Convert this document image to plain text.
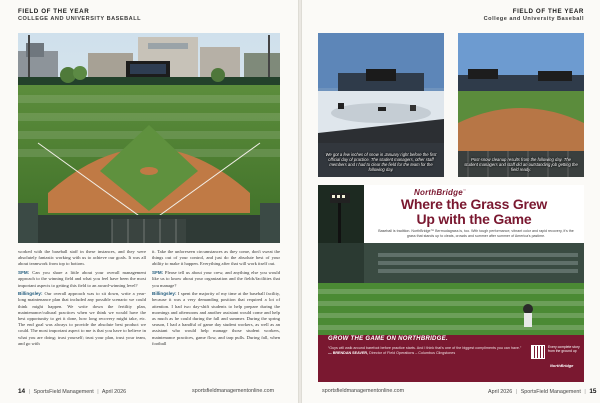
FIELD OF THE YEAR
COLLEGE AND UNIVERSITY BASEBALL

worked with the baseball staff in these instances, and they were absolutely fantastic working with us to achieve our goals. It was all about teamwork from top to bottom.

SFM: Can you share a little about your overall management approach to the winning field and what you feel have been the most important aspects to getting this field to an award-winning level?

Billingsley: Our overall approach was to sit down, write a year-long maintenance plan that included any possible scenario we could think might happen. We write down the fertility plan, maintenance/cultural practices when we think we would have the best opportunity to get it done, how long recovery might take, etc. The end goal was always to provide the absolute best product we could. The most important aspect to me is that you have to believe in what you are doing; trust yourself; trust your plan, trust your team, and go with

it. Take the unforeseen circumstances as they come, don't sweat the things out of your control, and just do the absolute best of your ability to make it happen. Everything after that will work itself out.

SFM: Please tell us about your crew, and anything else you would like us to know about your organization and the fields/facilities that you manage?

Billingsley: I spent the majority of my time at the baseball facility, because it was a very demanding position that required a lot of attention. I had two day-shift students to help prepare during the mornings and afternoons and another assistant would come and help as much as he could during the fall and summer. During the spring season, I had a handful of game day student workers, as well as an assistant who would help manage those student workers, maintenance practices, game flow, and tarp pulls. During fall, when football

14 | SportsField Management | April 2026	sportsfieldmanagementonline.com
FIELD OF THE YEAR
College and University Baseball
We got a few inches of snow in January right before the first official day of practice. The student managers, other staff members and I had to clear the field for the team for the following day.
Post-snow cleanup results from the following day. The student managers and staff did an outstanding job getting the field ready.
NorthBridge™
Where the Grass Grew
Up with the Game
Baseball is tradition. NorthBridge™ Bermudagrass is, too. With tough performance, vibrant color and rapid recovery, it's the grass that stands up to cleats, crowds and summer after summer of America's pastime.
GROW THE GAME ON NORTHBRIDGE.
“Guys will walk around barefoot before practice starts. And I think that's one of the biggest compliments you can have.”
— BRENDAN SEAVER, Director of Field Operations – Columbus Clingstones
Every complete story from the ground up
NorthBridge
sportsfieldmanagementonline.com	April 2026 | SportsField Management | 15
